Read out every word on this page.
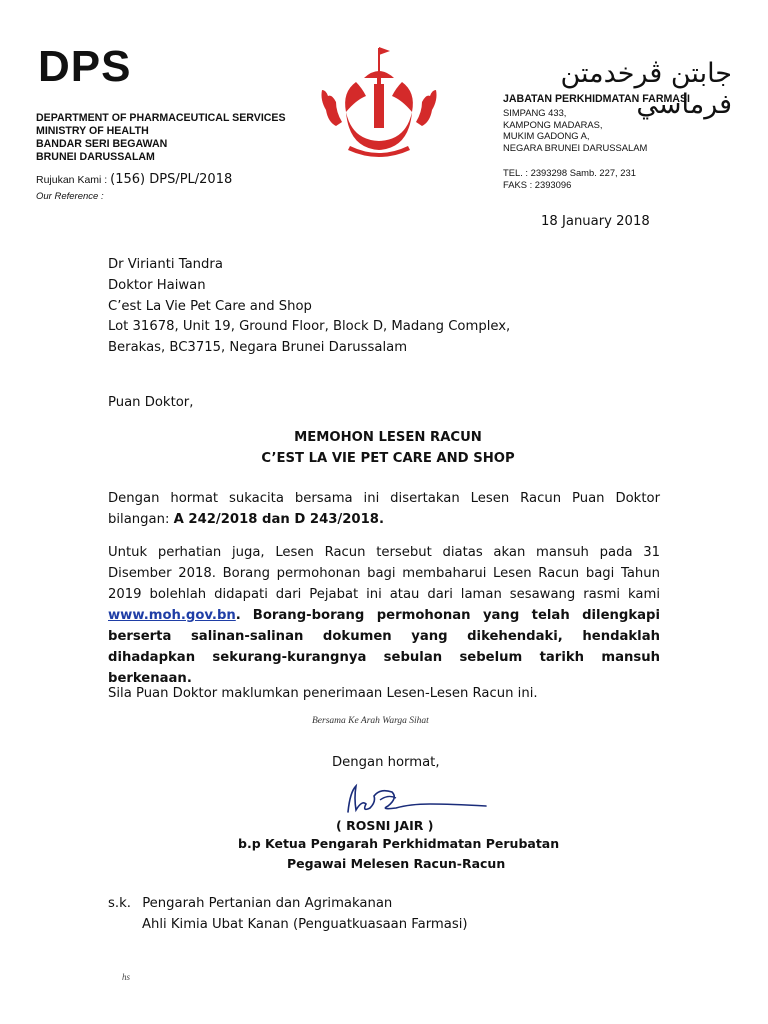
DPS
DEPARTMENT OF PHARMACEUTICAL SERVICES
MINISTRY OF HEALTH
BANDAR SERI BEGAWAN
BRUNEI DARUSSALAM
Rujukan Kami : (156) DPS/PL/2018
Our Reference :
جابتن ڤرخدمتن فرماسي
JABATAN PERKHIDMATAN FARMASI
SIMPANG 433,
KAMPONG MADARAS,
MUKIM GADONG A,
NEGARA BRUNEI DARUSSALAM
TEL. : 2393298 Samb. 227, 231
FAKS : 2393096
18 January 2018
Dr Virianti Tandra
Doktor Haiwan
C’est La Vie Pet Care and Shop
Lot 31678, Unit 19, Ground Floor, Block D, Madang Complex,
Berakas, BC3715, Negara Brunei Darussalam
Puan Doktor,
MEMOHON LESEN RACUN
C’EST LA VIE PET CARE AND SHOP
Dengan hormat sukacita bersama ini disertakan Lesen Racun Puan Doktor bilangan: A 242/2018 dan D 243/2018.
Untuk perhatian juga, Lesen Racun tersebut diatas akan mansuh pada 31 Disember 2018. Borang permohonan bagi membaharui Lesen Racun bagi Tahun 2019 bolehlah didapati dari Pejabat ini atau dari laman sesawang rasmi kami www.moh.gov.bn. Borang-borang permohonan yang telah dilengkapi berserta salinan-salinan dokumen yang dikehendaki, hendaklah dihadapkan sekurang-kurangnya sebulan sebelum tarikh mansuh berkenaan.
Sila Puan Doktor maklumkan penerimaan Lesen-Lesen Racun ini.
Bersama Ke Arah Warga Sihat
Dengan hormat,
( ROSNI JAIR )
b.p Ketua Pengarah Perkhidmatan Perubatan
Pegawai Melesen Racun-Racun
s.k. Pengarah Pertanian dan Agrimakanan
Ahli Kimia Ubat Kanan (Penguatkuasaan Farmasi)
hs
